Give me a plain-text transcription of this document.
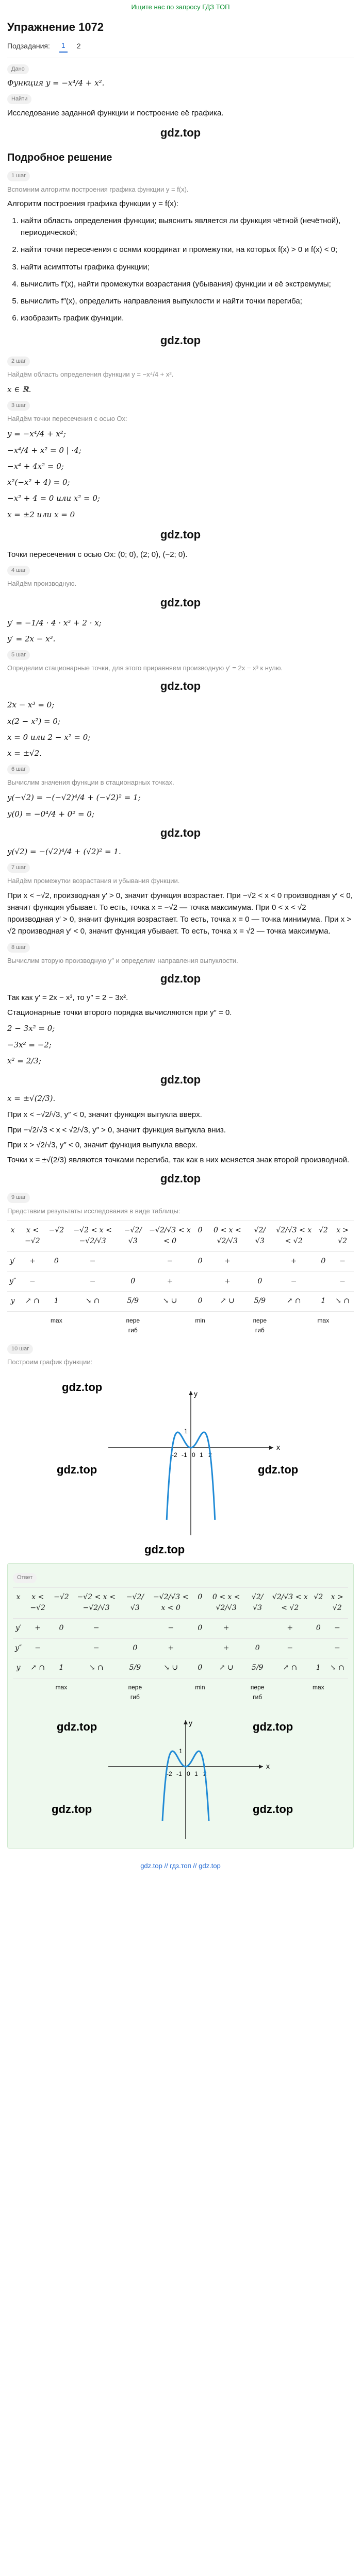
Ищите нас по запросу ГДЗ ТОП
Упражнение 1072
Подзадания: 1 2
Дано

Функция y = −x⁴/4 + x².

Найти

Исследование заданной функции и построение её графика.

gdz.top
Подробное решение
1 шаг

Вспомним алгоритм построения графика функции y = f(x).

Алгоритм построения графика функции y = f(x):

1. найти область определения функции; выяснить является ли функция чётной (нечётной), периодической;
2. найти точки пересечения с осями координат и промежутки, на которых f(x) > 0 и f(x) < 0;
3. найти асимптоты графика функции;
4. вычислить f′(x), найти промежутки возрастания (убывания) функции и её экстремумы;
5. вычислить f″(x), определить направления выпуклости и найти точки перегиба;
6. изобразить график функции.
gdz.top
2 шаг

Найдём область определения функции y = −x⁴/4 + x².

x ∈ ℝ.

3 шаг

Найдём точки пересечения с осью Ox:

y = −x⁴/4 + x²;

−x⁴/4 + x² = 0 | ·4;

−x⁴ + 4x² = 0;

x²(−x² + 4) = 0;

−x² + 4 = 0 или x² = 0;

x = ±2 или x = 0

gdz.top

Точки пересечения с осью Ox: (0; 0), (2; 0), (−2; 0).

4 шаг

Найдём производную.

gdz.top

y′ = −1/4 · 4 · x³ + 2 · x;

y′ = 2x − x³.

5 шаг

Определим стационарные точки, для этого приравняем производную y′ = 2x − x³ к нулю.

gdz.top

2x − x³ = 0;

x(2 − x²) = 0;

x = 0 или 2 − x² = 0;

x = ±√2.

6 шаг

Вычислим значения функции в стационарных точках.

y(−√2) = −(−√2)⁴/4 + (−√2)² = 1;

y(0) = −0⁴/4 + 0² = 0;

gdz.top

y(√2) = −(√2)⁴/4 + (√2)² = 1.

7 шаг

Найдём промежутки возрастания и убывания функции.

При x < −√2, производная y′ > 0, значит функция возрастает. При −√2 < x < 0 производная y′ < 0, значит функция убывает. То есть, точка x = −√2 — точка максимума. При 0 < x < √2 производная y′ > 0, значит функция возрастает. То есть, точка x = 0 — точка минимума. При x > √2 производная y′ < 0, значит функция убывает. То есть, точка x = √2 — точка максимума.

8 шаг

Вычислим вторую производную y″ и определим направления выпуклости.

gdz.top

Так как y′ = 2x − x³, то y″ = 2 − 3x².

Стационарные точки второго порядка вычисляются при y″ = 0.

2 − 3x² = 0;

−3x² = −2;

x² = 2/3;

gdz.top

x = ±√(2/3).

При x < −√2/√3, y″ < 0, значит функция выпукла вверх.

При −√2/√3 < x < √2/√3, y″ > 0, значит функция выпукла вниз.

При x > √2/√3, y″ < 0, значит функция выпукла вверх.

Точки x = ±√(2/3) являются точками перегиба, так как в них меняется знак второй производной.

gdz.top
9 шаг

Представим результаты исследования в виде таблицы:

x	x < −√2	−√2	−√2 < x < −√2/√3	−√2/√3	−√2/√3 < x < 0	0	0 < x < √2/√3	√2/√3	√2/√3 < x < √2	√2	x > √2
y′	+	0	−		−	0	+		+	0	−
y″	−		−	0	+		+	0	−		−
y	↗ ∩	1	↘ ∩	5/9	↘ ∪	0	↗ ∪	5/9	↗ ∩	1	↘ ∩
		max		пере гиб		min		пере гиб		max	
10 шаг

Построим график функции:

gdz.top
gdz.top	gdz.top
x
y
-2 -1 0 1 2
1
gdz.top
Ответ
x	x < −√2	−√2	−√2 < x < −√2/√3	−√2/√3	−√2/√3 < x < 0	0	0 < x < √2/√3	√2/√3	√2/√3 < x < √2	√2	x > √2
y′	+	0	−		−	0	+		+	0	−
y″	−		−	0	+		+	0	−		−
y	↗ ∩	1	↘ ∩	5/9	↘ ∪	0	↗ ∪	5/9	↗ ∩	1	↘ ∩
		max		пере гиб		min		пере гиб		max	
gdz.top	gdz.top
gdz.top	gdz.top
x
y
-2 -1 0 1 2
1
gdz.top // гдз.топ // gdz.top
